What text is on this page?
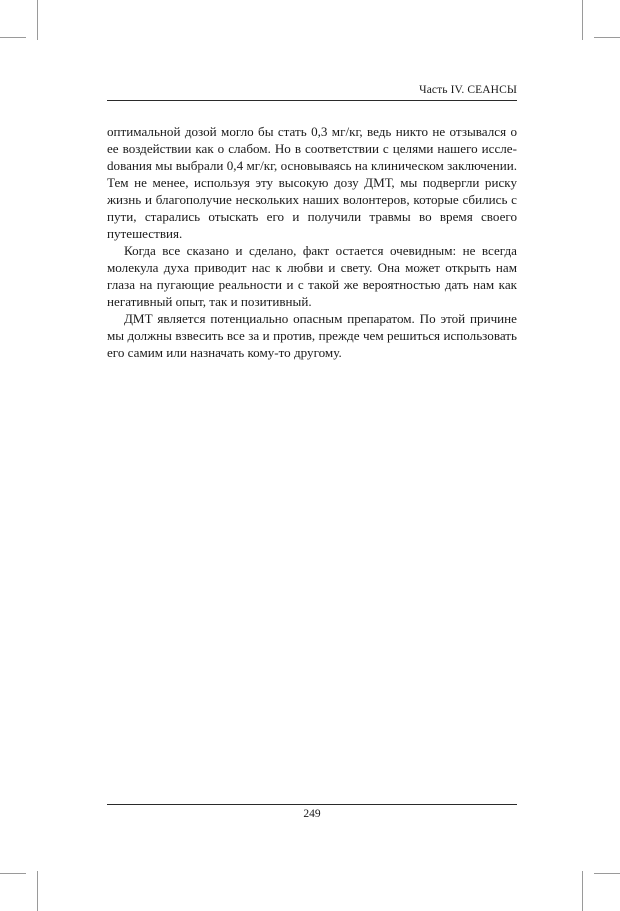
Часть IV. СЕАНСЫ

оптимальной дозой могло бы стать 0,3 мг/кг, ведь никто не отзывался о ее воздействии как о слабом. Но в соответствии с целями нашего исслеdования мы выбрали 0,4 мг/кг, основываясь на клиническом заключении. Тем не менее, используя эту высокую дозу ДМТ, мы подвергли риску жизнь и благополучие нескольких наших волонтеров, которые сбились с пути, старались отыскать его и получили травмы во время своего путешествия.

Когда все сказано и сделано, факт остается очевидным: не всегда молекула духа приводит нас к любви и свету. Она может открыть нам глаза на пугающие реальности и с такой же вероятностью дать нам как негативный опыт, так и позитивный.

ДМТ является потенциально опасным препаратом. По этой причине мы должны взвесить все за и против, прежде чем решиться использовать его самим или назначать кому-то другому.

249
